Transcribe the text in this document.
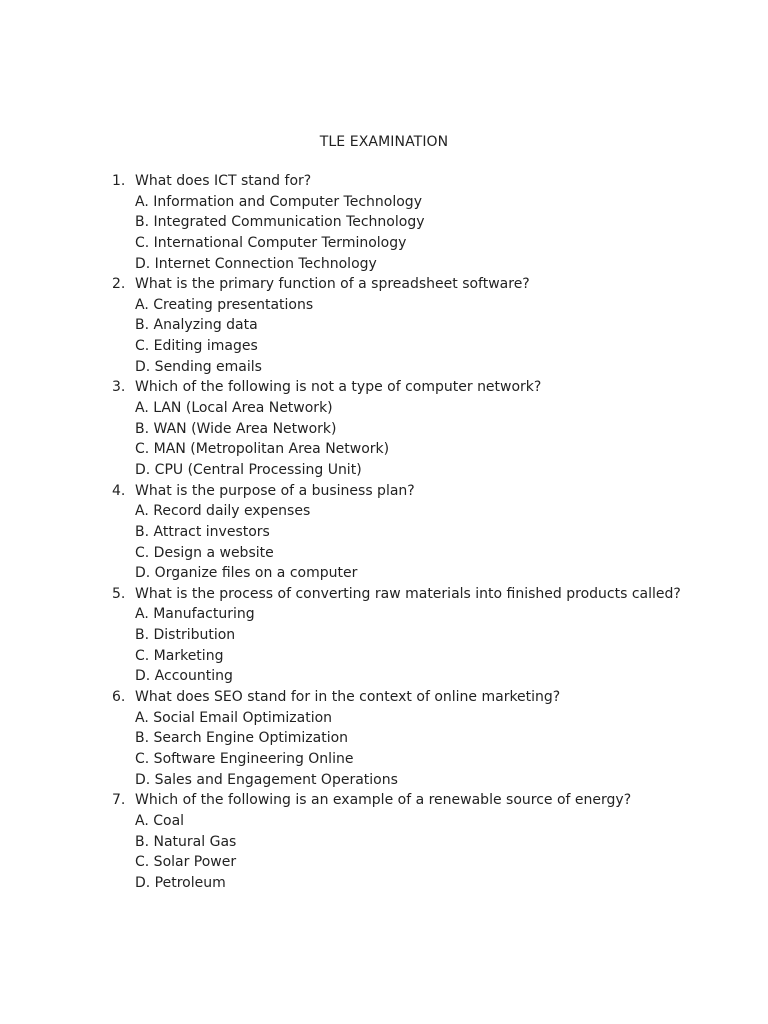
TLE EXAMINATION
1. What does ICT stand for?
A. Information and Computer Technology
B. Integrated Communication Technology
C. International Computer Terminology
D. Internet Connection Technology
2. What is the primary function of a spreadsheet software?
A. Creating presentations
B. Analyzing data
C. Editing images
D. Sending emails
3. Which of the following is not a type of computer network?
A. LAN (Local Area Network)
B. WAN (Wide Area Network)
C. MAN (Metropolitan Area Network)
D. CPU (Central Processing Unit)
4. What is the purpose of a business plan?
A. Record daily expenses
B. Attract investors
C. Design a website
D. Organize files on a computer
5. What is the process of converting raw materials into finished products called?
A. Manufacturing
B. Distribution
C. Marketing
D. Accounting
6. What does SEO stand for in the context of online marketing?
A. Social Email Optimization
B. Search Engine Optimization
C. Software Engineering Online
D. Sales and Engagement Operations
7. Which of the following is an example of a renewable source of energy?
A. Coal
B. Natural Gas
C. Solar Power
D. Petroleum
